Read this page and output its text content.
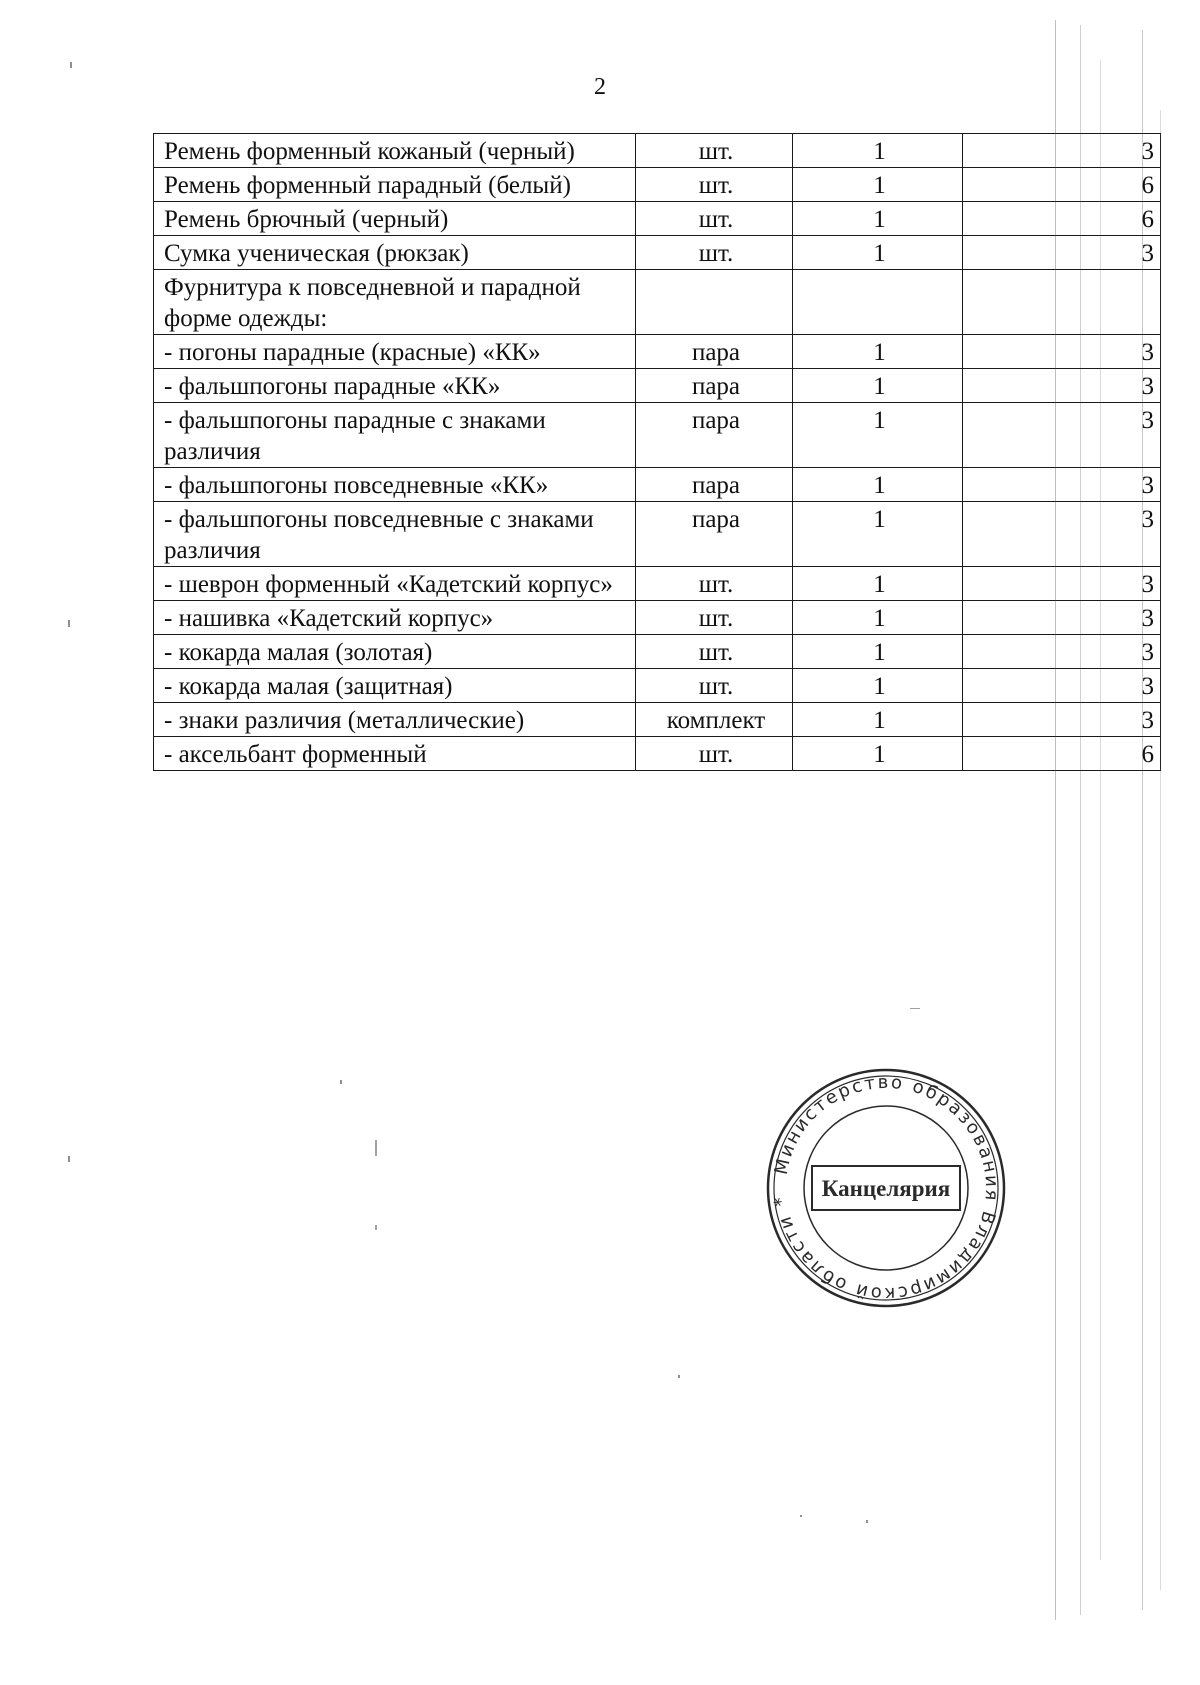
2
Ремень форменный кожаный (черный)	шт.	1	3
Ремень форменный парадный (белый)	шт.	1	6
Ремень брючный (черный)	шт.	1	6
Сумка ученическая (рюкзак)	шт.	1	3
Фурнитура к повседневной и парадной форме одежды:			
- погоны парадные (красные) «КК»	пара	1	3
- фальшпогоны парадные «КК»	пара	1	3
- фальшпогоны парадные с знаками различия	пара	1	3
- фальшпогоны повседневные «КК»	пара	1	3
- фальшпогоны повседневные с знаками различия	пара	1	3
- шеврон форменный «Кадетский корпус»	шт.	1	3
- нашивка «Кадетский корпус»	шт.	1	3
- кокарда малая (золотая)	шт.	1	3
- кокарда малая (защитная)	шт.	1	3
- знаки различия (металлические)	комплект	1	3
- аксельбант форменный	шт.	1	6
Министерство образования Владимирской области *	Канцелярия
